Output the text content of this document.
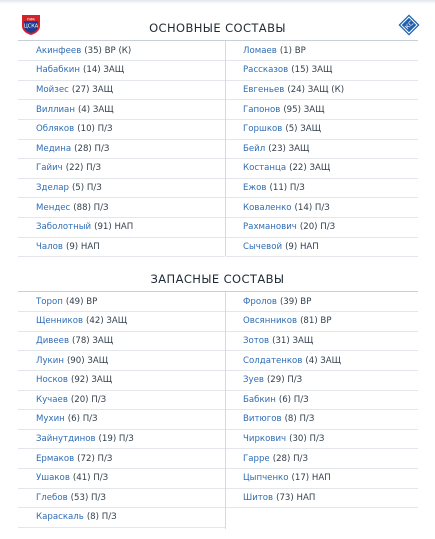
ПФК
ЦСКА	КС
ОСНОВНЫЕ СОСТАВЫ
Акинфеев (35) ВР (К)
Набабкин (14) ЗАЩ
Мойзес (27) ЗАЩ
Виллиан (4) ЗАЩ
Обляков (10) П/З
Медина (28) П/З
Гайич (22) П/З
Зделар (5) П/З
Мендес (88) П/З
Заболотный (91) НАП
Чалов (9) НАП
Ломаев (1) ВР
Рассказов (15) ЗАЩ
Евгеньев (24) ЗАЩ (К)
Гапонов (95) ЗАЩ
Горшков (5) ЗАЩ
Бейл (23) ЗАЩ
Костанца (22) ЗАЩ
Ежов (11) П/З
Коваленко (14) П/З
Рахманович (20) П/З
Сычевой (9) НАП
ЗАПАСНЫЕ СОСТАВЫ
Тороп (49) ВР
Щенников (42) ЗАЩ
Дивеев (78) ЗАЩ
Лукин (90) ЗАЩ
Носков (92) ЗАЩ
Кучаев (20) П/З
Мухин (6) П/З
Зайнутдинов (19) П/З
Ермаков (72) П/З
Ушаков (41) П/З
Глебов (53) П/З
Караскаль (8) П/З
Фролов (39) ВР
Овсянников (81) ВР
Зотов (31) ЗАЩ
Солдатенков (4) ЗАЩ
Зуев (29) П/З
Бабкин (6) П/З
Витюгов (8) П/З
Чиркович (30) П/З
Гарре (28) П/З
Цыпченко (17) НАП
Шитов (73) НАП
